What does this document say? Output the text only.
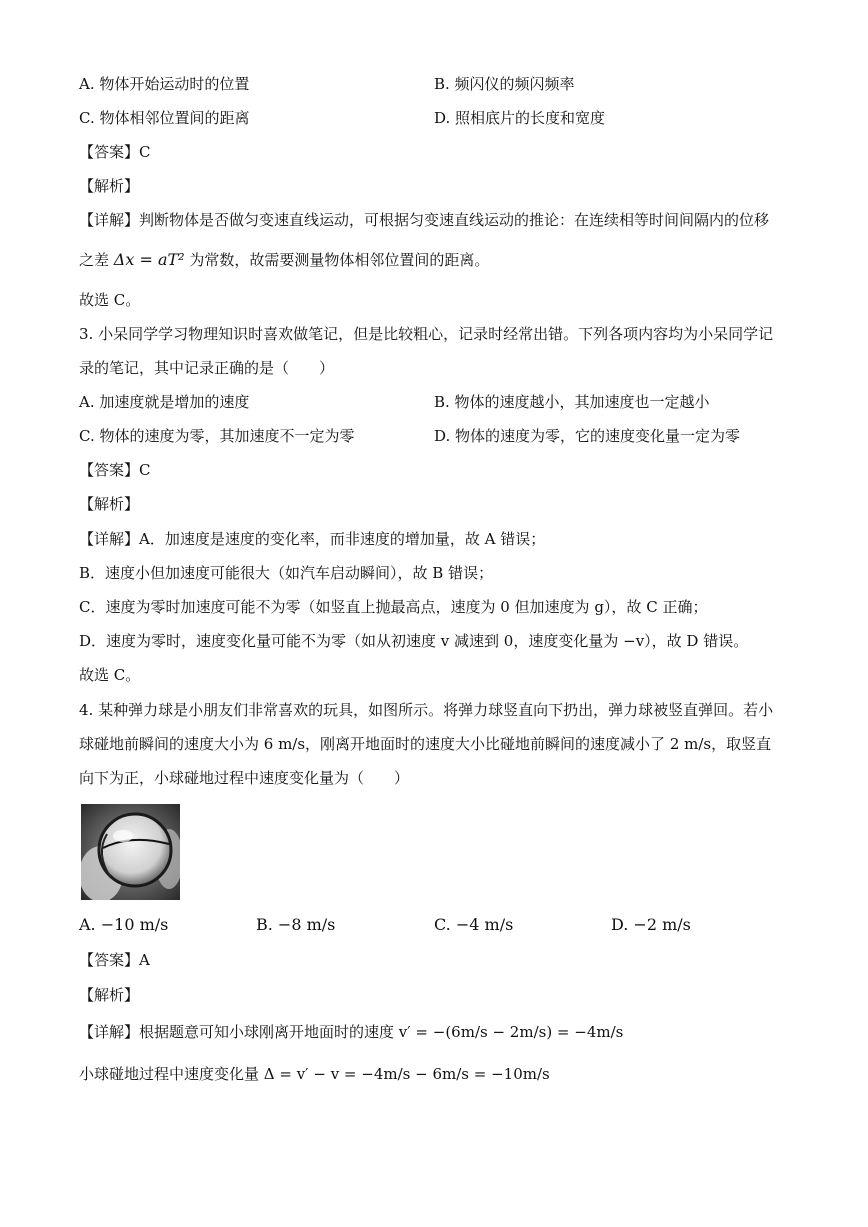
A. 物体开始运动时的位置	B. 频闪仪的频闪频率
C. 物体相邻位置间的距离	D. 照相底片的长度和宽度
【答案】C
【解析】
【详解】判断物体是否做匀变速直线运动，可根据匀变速直线运动的推论：在连续相等时间间隔内的位移
之差 Δx = aT² 为常数，故需要测量物体相邻位置间的距离。
故选 C。
3. 小呆同学学习物理知识时喜欢做笔记，但是比较粗心，记录时经常出错。下列各项内容均为小呆同学记
录的笔记，其中记录正确的是（　　）
A. 加速度就是增加的速度	B. 物体的速度越小，其加速度也一定越小
C. 物体的速度为零，其加速度不一定为零	D. 物体的速度为零，它的速度变化量一定为零
【答案】C
【解析】
【详解】A．加速度是速度的变化率，而非速度的增加量，故 A 错误；
B．速度小但加速度可能很大（如汽车启动瞬间），故 B 错误；
C．速度为零时加速度可能不为零（如竖直上抛最高点，速度为 0 但加速度为 g），故 C 正确；
D．速度为零时，速度变化量可能不为零（如从初速度 v 减速到 0，速度变化量为 −v），故 D 错误。
故选 C。
4. 某种弹力球是小朋友们非常喜欢的玩具，如图所示。将弹力球竖直向下扔出，弹力球被竖直弹回。若小
球碰地前瞬间的速度大小为 6 m/s，刚离开地面时的速度大小比碰地前瞬间的速度减小了 2 m/s，取竖直
向下为正，小球碰地过程中速度变化量为（　　）
A. −10 m/s	B. −8 m/s	C. −4 m/s	D. −2 m/s
【答案】A
【解析】
【详解】根据题意可知小球刚离开地面时的速度 v′ = −(6m/s − 2m/s) = −4m/s
小球碰地过程中速度变化量 Δ = v′ − v = −4m/s − 6m/s = −10m/s
